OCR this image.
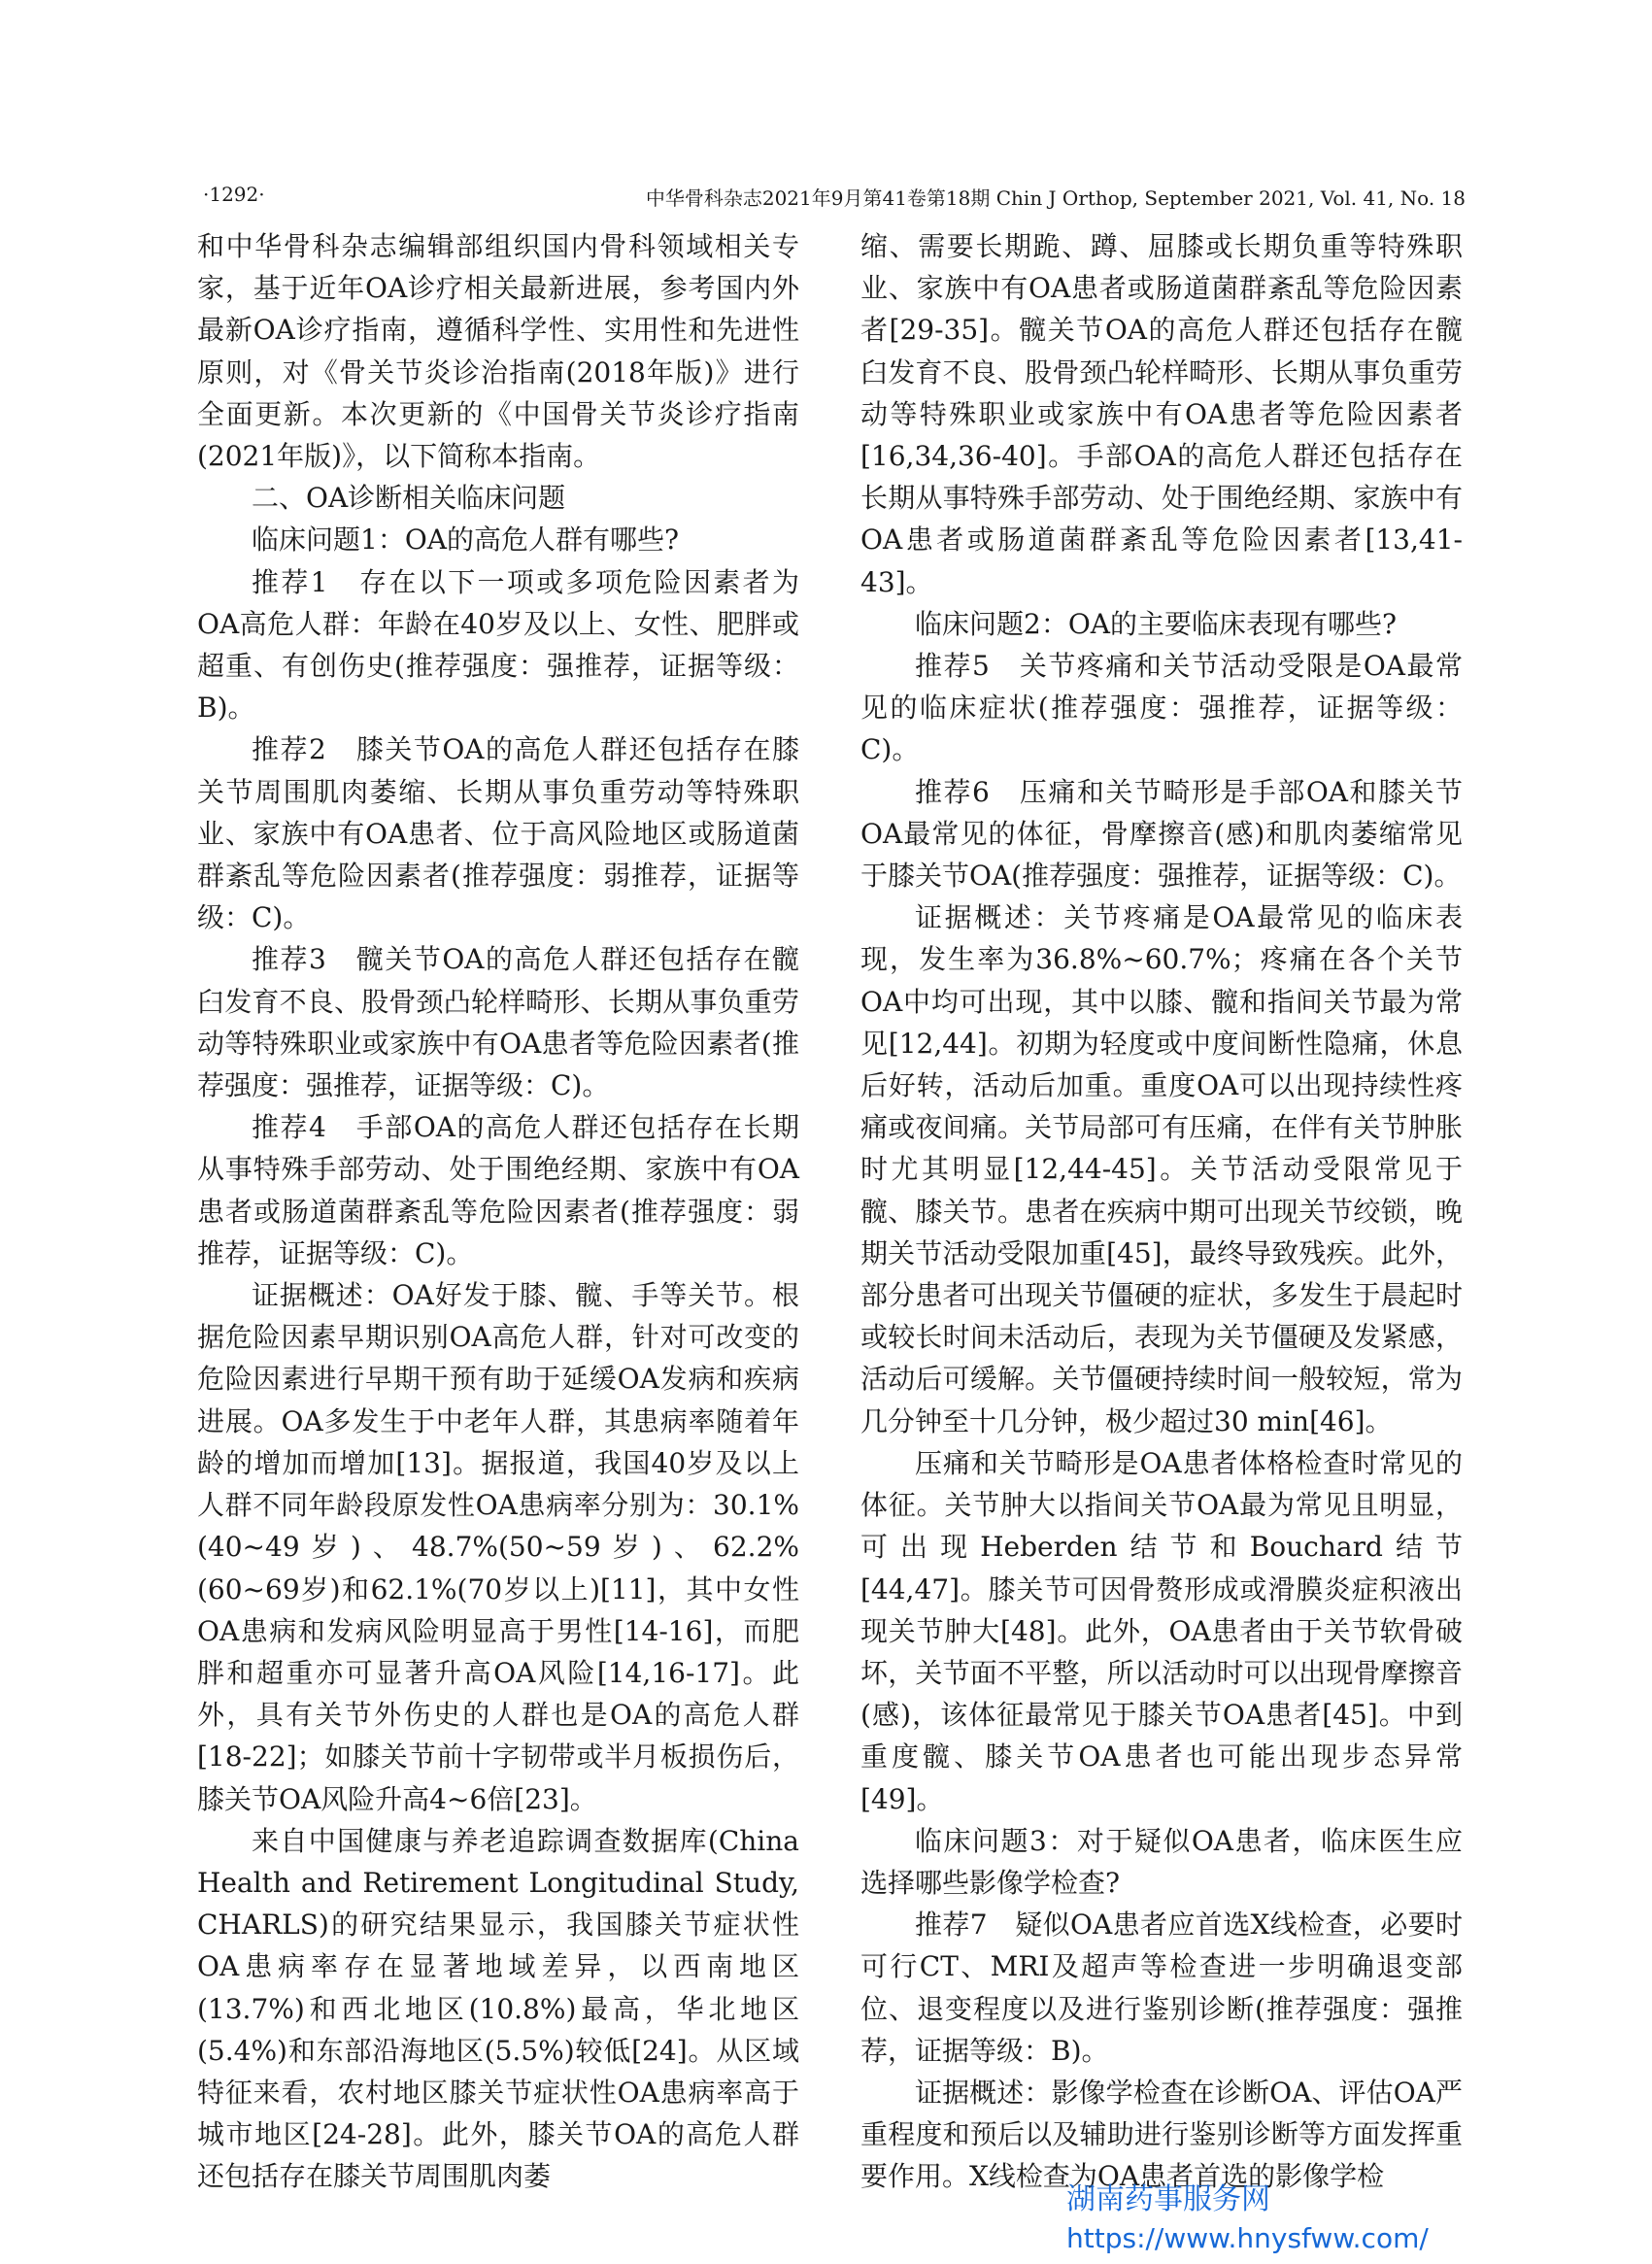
·1292·	中华骨科杂志2021年9月第41卷第18期 Chin J Orthop, September 2021, Vol. 41, No. 18

和中华骨科杂志编辑部组织国内骨科领域相关专家，基于近年OA诊疗相关最新进展，参考国内外最新OA诊疗指南，遵循科学性、实用性和先进性原则，对《骨关节炎诊治指南(2018年版)》进行全面更新。本次更新的《中国骨关节炎诊疗指南(2021年版)》，以下简称本指南。

二、OA诊断相关临床问题

临床问题1：OA的高危人群有哪些?

推荐1　存在以下一项或多项危险因素者为OA高危人群：年龄在40岁及以上、女性、肥胖或超重、有创伤史(推荐强度：强推荐，证据等级：B)。

推荐2　膝关节OA的高危人群还包括存在膝关节周围肌肉萎缩、长期从事负重劳动等特殊职业、家族中有OA患者、位于高风险地区或肠道菌群紊乱等危险因素者(推荐强度：弱推荐，证据等级：C)。

推荐3　髋关节OA的高危人群还包括存在髋臼发育不良、股骨颈凸轮样畸形、长期从事负重劳动等特殊职业或家族中有OA患者等危险因素者(推荐强度：强推荐，证据等级：C)。

推荐4　手部OA的高危人群还包括存在长期从事特殊手部劳动、处于围绝经期、家族中有OA患者或肠道菌群紊乱等危险因素者(推荐强度：弱推荐，证据等级：C)。

证据概述：OA好发于膝、髋、手等关节。根据危险因素早期识别OA高危人群，针对可改变的危险因素进行早期干预有助于延缓OA发病和疾病进展。OA多发生于中老年人群，其患病率随着年龄的增加而增加[13]。据报道，我国40岁及以上人群不同年龄段原发性OA患病率分别为：30.1%(40~49岁)、48.7%(50~59岁)、62.2%(60~69岁)和62.1%(70岁以上)[11]，其中女性OA患病和发病风险明显高于男性[14-16]，而肥胖和超重亦可显著升高OA风险[14,16-17]。此外，具有关节外伤史的人群也是OA的高危人群[18-22]；如膝关节前十字韧带或半月板损伤后，膝关节OA风险升高4~6倍[23]。

来自中国健康与养老追踪调查数据库(China Health and Retirement Longitudinal Study, CHARLS)的研究结果显示，我国膝关节症状性OA患病率存在显著地域差异，以西南地区(13.7%)和西北地区(10.8%)最高，华北地区(5.4%)和东部沿海地区(5.5%)较低[24]。从区域特征来看，农村地区膝关节症状性OA患病率高于城市地区[24-28]。此外，膝关节OA的高危人群还包括存在膝关节周围肌肉萎

缩、需要长期跪、蹲、屈膝或长期负重等特殊职业、家族中有OA患者或肠道菌群紊乱等危险因素者[29-35]。髋关节OA的高危人群还包括存在髋臼发育不良、股骨颈凸轮样畸形、长期从事负重劳动等特殊职业或家族中有OA患者等危险因素者[16,34,36-40]。手部OA的高危人群还包括存在长期从事特殊手部劳动、处于围绝经期、家族中有OA患者或肠道菌群紊乱等危险因素者[13,41-43]。

临床问题2：OA的主要临床表现有哪些?

推荐5　关节疼痛和关节活动受限是OA最常见的临床症状(推荐强度：强推荐，证据等级：C)。

推荐6　压痛和关节畸形是手部OA和膝关节OA最常见的体征，骨摩擦音(感)和肌肉萎缩常见于膝关节OA(推荐强度：强推荐，证据等级：C)。

证据概述：关节疼痛是OA最常见的临床表现，发生率为36.8%~60.7%；疼痛在各个关节OA中均可出现，其中以膝、髋和指间关节最为常见[12,44]。初期为轻度或中度间断性隐痛，休息后好转，活动后加重。重度OA可以出现持续性疼痛或夜间痛。关节局部可有压痛，在伴有关节肿胀时尤其明显[12,44-45]。关节活动受限常见于髋、膝关节。患者在疾病中期可出现关节绞锁，晚期关节活动受限加重[45]，最终导致残疾。此外，部分患者可出现关节僵硬的症状，多发生于晨起时或较长时间未活动后，表现为关节僵硬及发紧感，活动后可缓解。关节僵硬持续时间一般较短，常为几分钟至十几分钟，极少超过30 min[46]。

压痛和关节畸形是OA患者体格检查时常见的体征。关节肿大以指间关节OA最为常见且明显，可出现Heberden结节和Bouchard结节[44,47]。膝关节可因骨赘形成或滑膜炎症积液出现关节肿大[48]。此外，OA患者由于关节软骨破坏，关节面不平整，所以活动时可以出现骨摩擦音(感)，该体征最常见于膝关节OA患者[45]。中到重度髋、膝关节OA患者也可能出现步态异常[49]。

临床问题3：对于疑似OA患者，临床医生应选择哪些影像学检查?

推荐7　疑似OA患者应首选X线检查，必要时可行CT、MRI及超声等检查进一步明确退变部位、退变程度以及进行鉴别诊断(推荐强度：强推荐，证据等级：B)。

证据概述：影像学检查在诊断OA、评估OA严重程度和预后以及辅助进行鉴别诊断等方面发挥重要作用。X线检查为OA患者首选的影像学检

湖南药事服务网
https://www.hnysfww.com/
